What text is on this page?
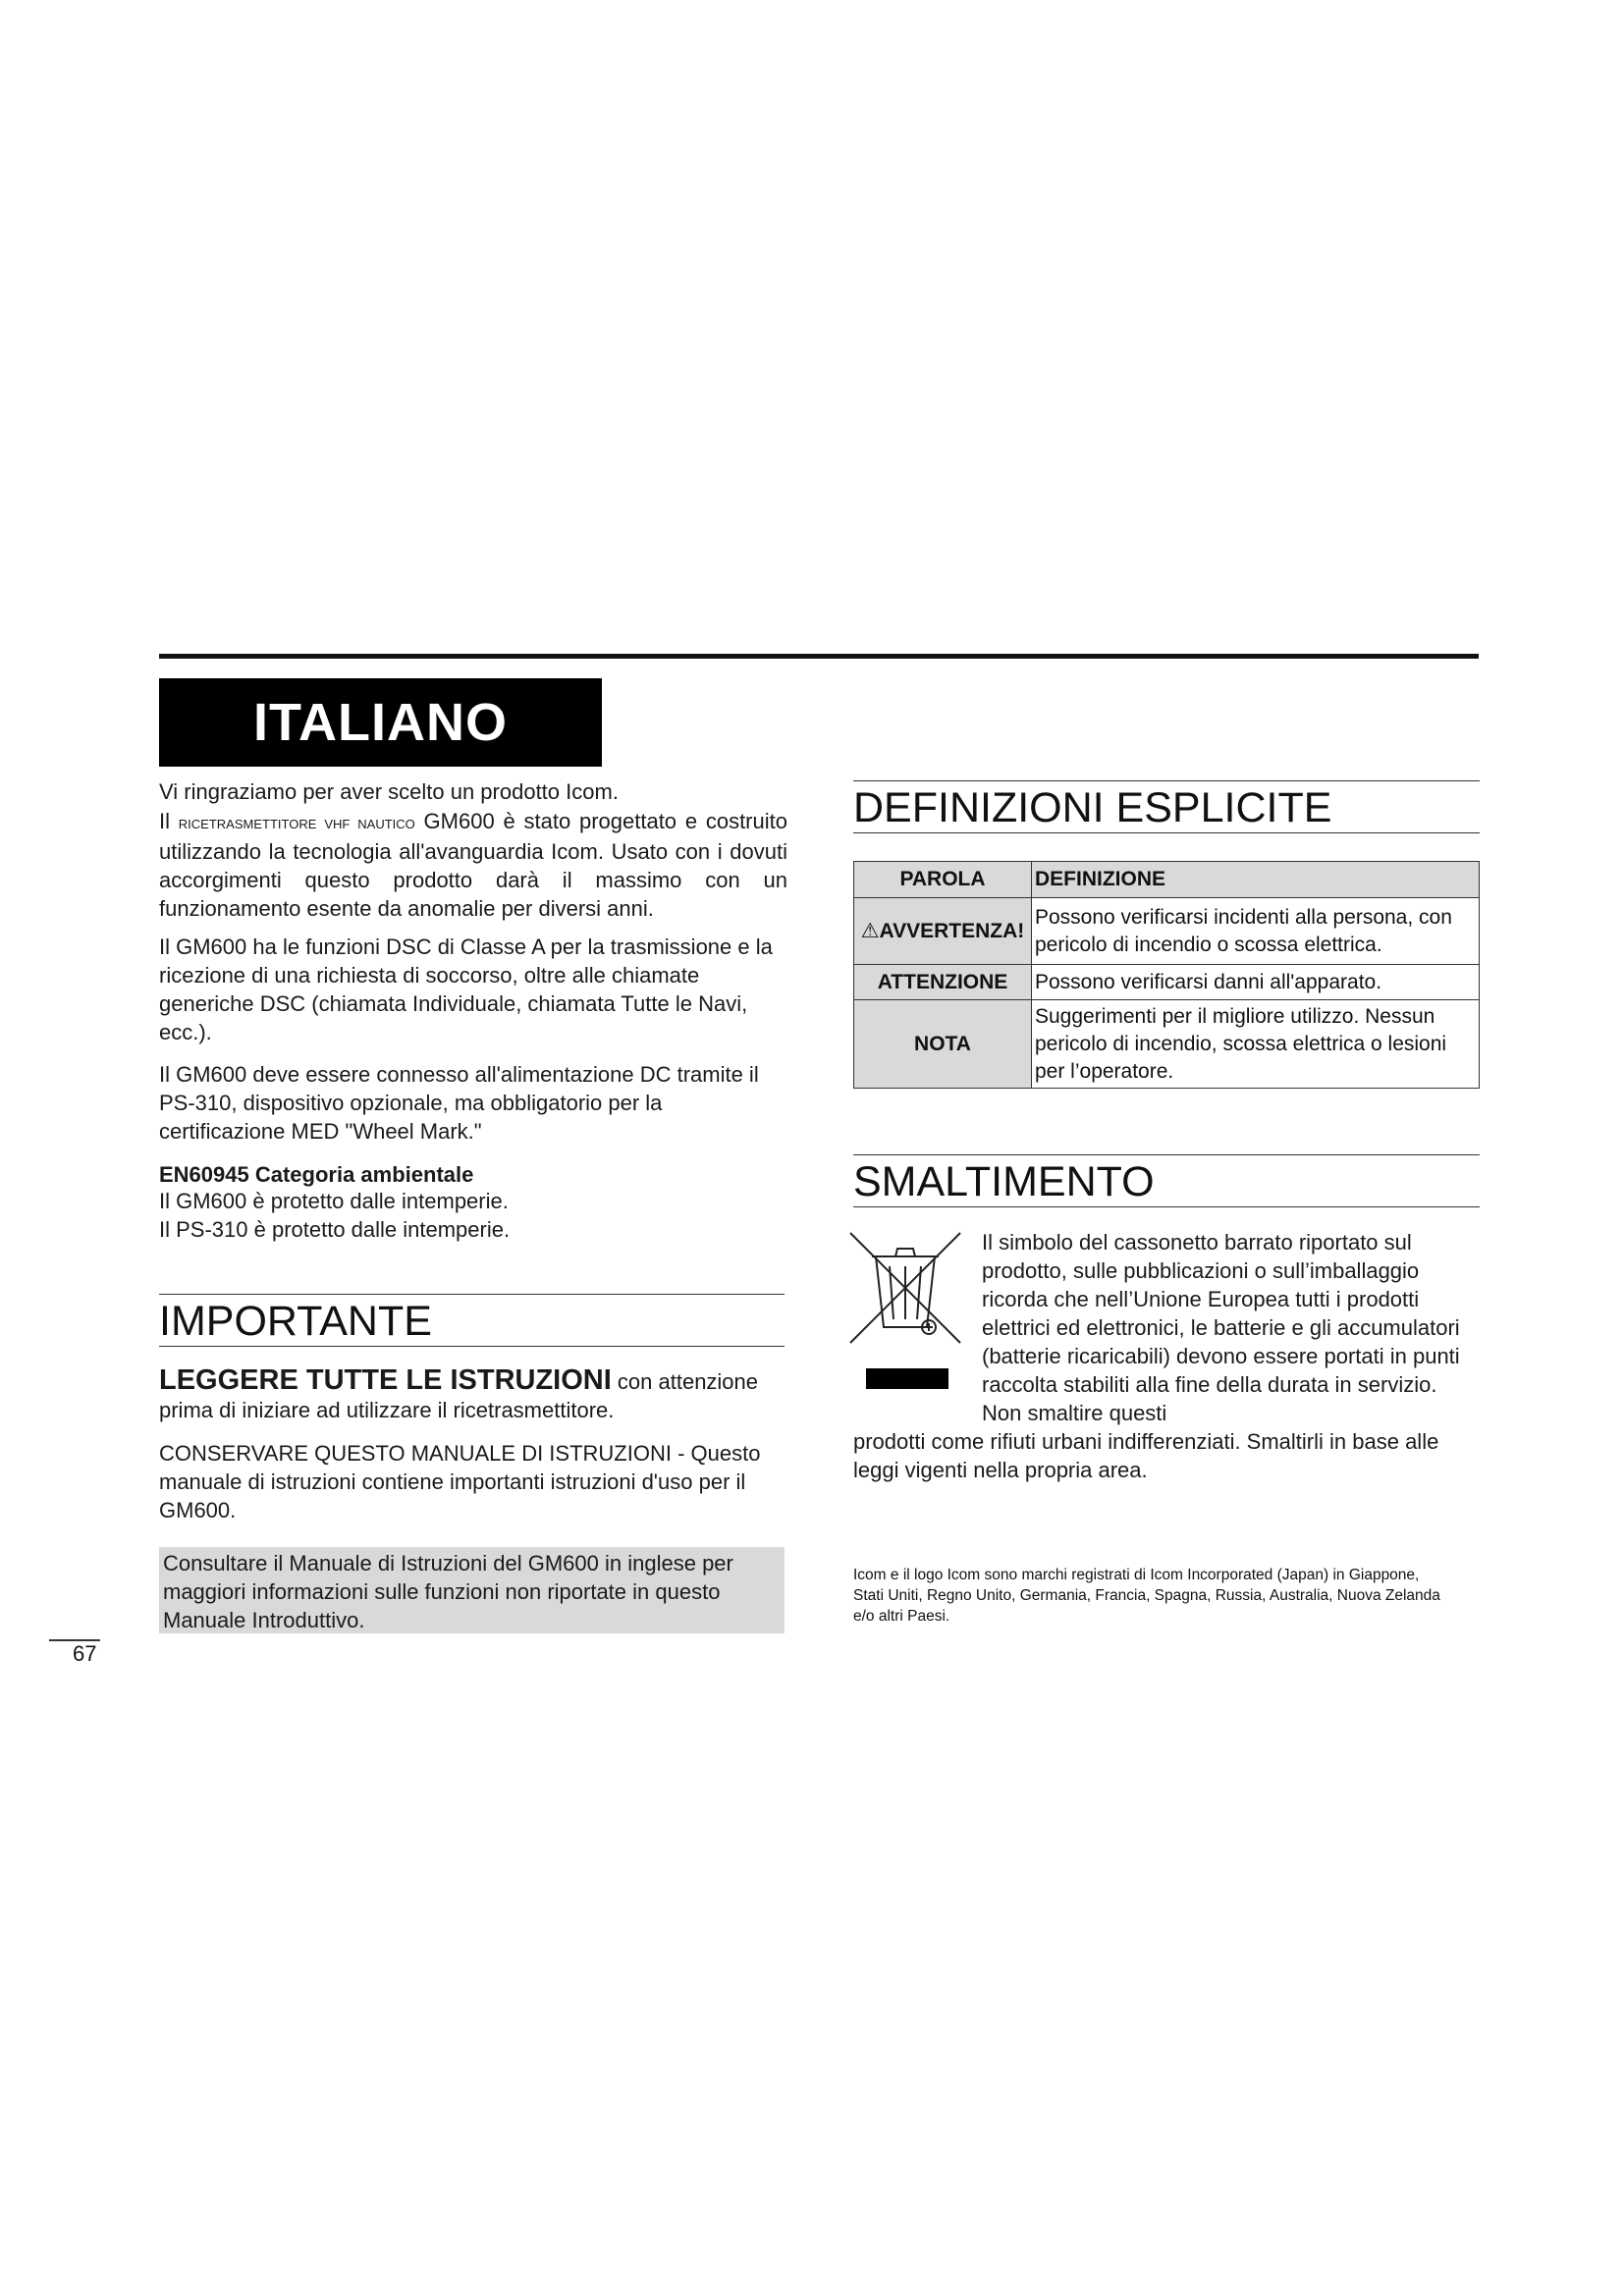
ITALIANO
Vi ringraziamo per aver scelto un prodotto Icom.
Il ricetrasmettitore vhf nautico GM600 è stato progettato e costruito utilizzando la tecnologia all'avanguardia Icom. Usato con i dovuti accorgimenti questo prodotto darà il massimo con un funzionamento esente da anomalie per diversi anni.
Il GM600 ha le funzioni DSC di Classe A per la trasmissione e la ricezione di una richiesta di soccorso, oltre alle chiamate generiche DSC (chiamata Individuale, chiamata Tutte le Navi, ecc.).
Il GM600 deve essere connesso all'alimentazione DC tramite il PS-310, dispositivo opzionale, ma obbligatorio per la certificazione MED "Wheel Mark."
EN60945 Categoria ambientale
Il GM600 è protetto dalle intemperie.
Il PS-310 è protetto dalle intemperie.
IMPORTANTE
LEGGERE TUTTE LE ISTRUZIONI con attenzione prima di iniziare ad utilizzare il ricetrasmettitore.
CONSERVARE QUESTO MANUALE DI ISTRUZIONI - Questo manuale di istruzioni contiene importanti istruzioni d'uso per il GM600.
Consultare il Manuale di Istruzioni del GM600 in inglese per maggiori informazioni sulle funzioni non riportate in questo Manuale Introduttivo.
67
DEFINIZIONI ESPLICITE
PAROLA	DEFINIZIONE
⚠AVVERTENZA!	Possono verificarsi incidenti alla persona, con pericolo di incendio o scossa elettrica.
ATTENZIONE	Possono verificarsi danni all'apparato.
NOTA	Suggerimenti per il migliore utilizzo. Nessun pericolo di incendio, scossa elettrica o lesioni per l’operatore.
SMALTIMENTO
Il simbolo del cassonetto barrato riportato sul prodotto, sulle pubblicazioni o sull’imballaggio ricorda che nell’Unione Europea tutti i prodotti elettrici ed elettronici, le batterie e gli accumulatori (batterie ricaricabili) devono essere portati in punti raccolta stabiliti alla fine della durata in servizio. Non smaltire questi
prodotti come rifiuti urbani indifferenziati. Smaltirli in base alle leggi vigenti nella propria area.
Icom e il logo Icom sono marchi registrati di Icom Incorporated (Japan) in Giappone, Stati Uniti, Regno Unito, Germania, Francia, Spagna, Russia, Australia, Nuova Zelanda e/o altri Paesi.
